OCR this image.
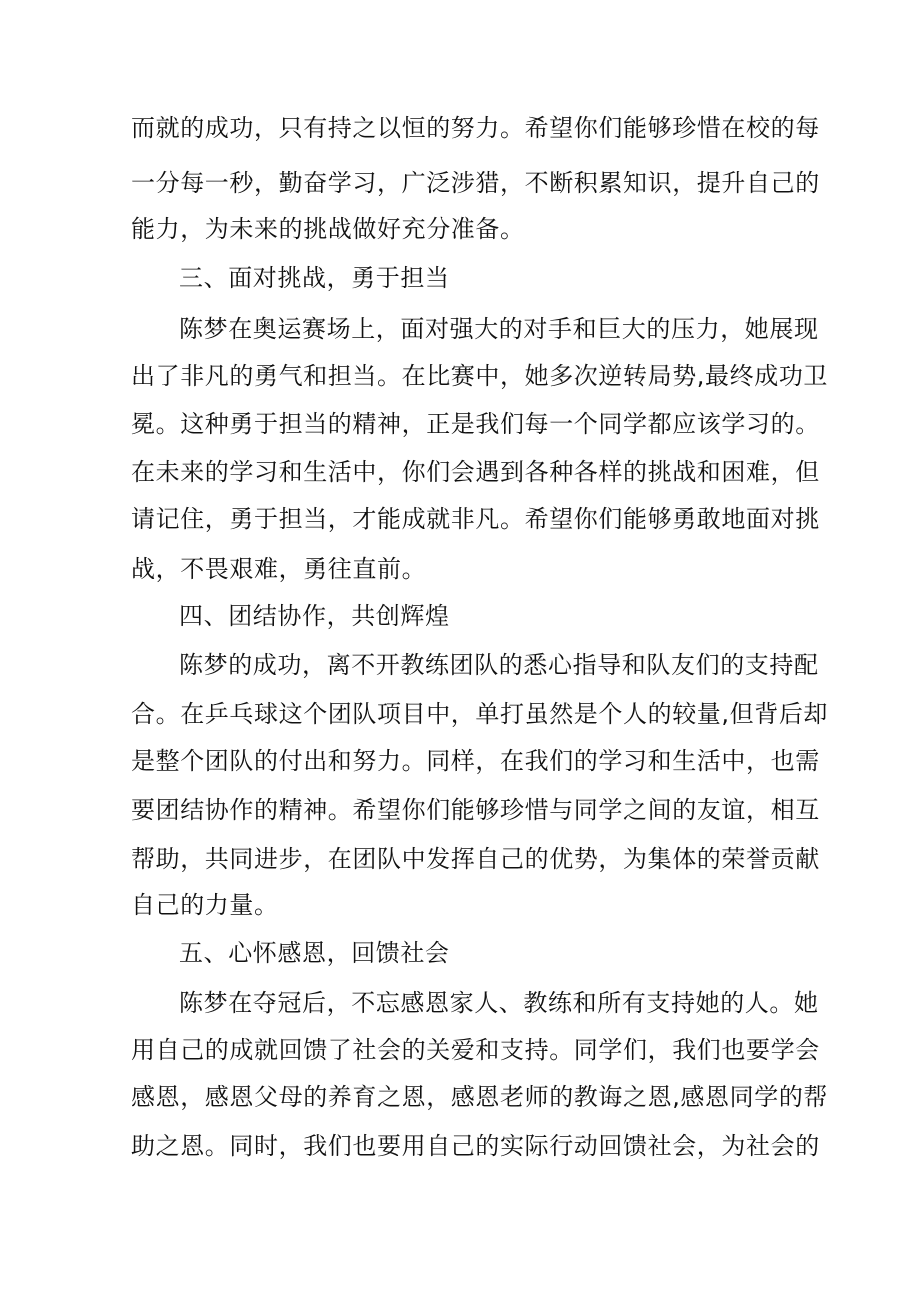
而就的成功，只有持之以恒的努力。希望你们能够珍惜在校的每
一分每一秒，勤奋学习，广泛涉猎，不断积累知识，提升自己的
能力，为未来的挑战做好充分准备。
三、面对挑战，勇于担当
陈梦在奥运赛场上，面对强大的对手和巨大的压力，她展现
出了非凡的勇气和担当。在比赛中，她多次逆转局势,最终成功卫
冕。这种勇于担当的精神，正是我们每一个同学都应该学习的。
在未来的学习和生活中，你们会遇到各种各样的挑战和困难，但
请记住，勇于担当，才能成就非凡。希望你们能够勇敢地面对挑
战，不畏艰难，勇往直前。
四、团结协作，共创辉煌
陈梦的成功，离不开教练团队的悉心指导和队友们的支持配
合。在乒乓球这个团队项目中，单打虽然是个人的较量,但背后却
是整个团队的付出和努力。同样，在我们的学习和生活中，也需
要团结协作的精神。希望你们能够珍惜与同学之间的友谊，相互
帮助，共同进步，在团队中发挥自己的优势，为集体的荣誉贡献
自己的力量。
五、心怀感恩，回馈社会
陈梦在夺冠后，不忘感恩家人、教练和所有支持她的人。她
用自己的成就回馈了社会的关爱和支持。同学们，我们也要学会
感恩，感恩父母的养育之恩，感恩老师的教诲之恩,感恩同学的帮
助之恩。同时，我们也要用自己的实际行动回馈社会，为社会的
